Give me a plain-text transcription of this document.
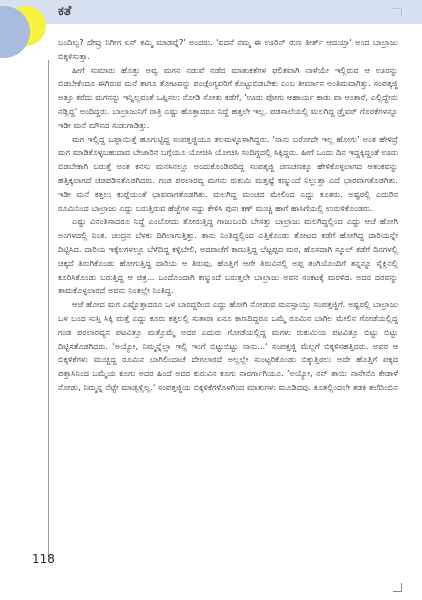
ಕತೆ

ಬಂದಿಲ್ವ? ದೇವ್ರು ನಿಗೀಗ ಏನ್ ಕಮ್ಮಿ ಮಾಡವ್ನೆ?' ಅಂದರು. 'ಐದನೆ ನಮ್ಮ ಈ ಊರಿನ್ ರುಣ ತೀರ್ತ್ ಆದಯ್ತಾ' ಅಂದ ಬಾಲ್ರಾಜು ಬಿಕ್ಕಳಿಸುತ್ತಾ.

ಹೀಗೆ ಸುಮಾರು ಹೊತ್ತು ಅವ್ವ ಮಗನ ನಡುವೆ ನಡೆದ ಮಾತುಕತೆಗಳ ಫಲಿತವಾಗಿ ನಾಳೆಯೇ ಇಲ್ಲಿರುವ ಆ ಊರನ್ನು ಬಿಡಬೇಕೆಂದೂ ಈಗಿರುವ ಮನೆ ತಾಗೂ ತೋಟವನ್ನು ಪಂಚ್ಗೆಂಗ್ಯವರಿಗೆ ಕೊಟ್ಟುಬಿಡಬೇಕು ಎಂಬ ತೀರ್ಮಾನ ಅಂತಿಮವಾಗಿತ್ತು. ಸಂಪತ್ಕಜ್ಜಿ ಅತ್ತೂ ಕರೆದು ಮಗನನ್ನು ಇನ್ನಿಲ್ಲವಂತೆ ಒಪ್ಪಿಸಲು ನೋಡಿ ಸೋತು ಕಡೆಗೆ, 'ಊರು ಪೋಗು ಆಹಾರ್ಯ ಕಾಡು ವಾ ಅಂತಾರೆ, ಎಲ್ಲಿದ್ದೇನು ನಡ್ಲಿದ್ದ' ಅಂದಿದ್ದರು. ಬಾಲ್ರಾಜುನಿಗೆ ರಾತ್ರಿ ಎಷ್ಟು ಹೊತ್ತಾದರೂ ನಿದ್ದೆ ಹತ್ತಲೇ ಇಲ್ಲ. ಪಡಸಾಲೆಯಲ್ಲಿ ಮಲಗಿದ್ದ ಡ್ರೈವರ್ ಗೊರಕೆಗಳನ್ನೂ ಇಡೀ ಮನೆ ಮೌನದ ಸುಡುಗಾಡಿತ್ತು.

ಮಗ ಇಲ್ಲಿದ್ದ ಒಪ್ಪಾಯಿತ್ತೆ ಹೂಗುಟ್ಟಿದ್ದ ಸಂಪತ್ತಜ್ಜಿಯೂ ತಲಮಳ್ಳೂಳಾಗಿದ್ದರು. 'ನಾನು ಬರೋದೇ ಇಲ್ಲ ಹೋಗು' ಅಂತ ಹೇಳಿದ್ರೆ ಮಗ ಮಾಡಿಕೊಳ್ಳಬಹುದಾದ ಬೇಜಾರಿನ ಬಗ್ಗೆಯೂ ಯೋಚಿಸಿ ಯೋಚಿಸಿ ಸಂದಿಗ್ಧದಲ್ಲಿ ಸಿಕ್ಕಿದ್ದರು. ಹೀಗೆ ಒಂದು ದಿನ ಇದ್ದಕ್ಕಿದ್ದಂತೆ ಊರು ಬಿಡಬೇಕಾಗಿ ಬರುತ್ತೆ ಅಂತ ಕನಸು ಮನಸಿನಲ್ಲೂ ಅಂದುಕೊಂಡಿರದಿದ್ದ ಸಂಪತ್ಕಜ್ಜಿ ಚಣಚಣಕ್ಕೂ ಹೇಳಿಕೊಳ್ಳಲಾಗದ ಆತಂಕವನ್ನು ಹತ್ತಿಕ್ಕಲಾಗದೆ ಚಡಪಡಿಸತೊಡಗಿದರು. ಗಂಡ ಪರಲಾರವ್ಯ ಮಗನು ರುಕುಮಿ ಮತ್ತಷ್ಟೆ ಕಣ್ಮುಂದೆ ನಿಲ್ಲುತ್ತಾ ಎದೆ ಭಾರವಾಗತೊಡಗಿತು. ಇಡೀ ಮನೆ ಕತ್ತಲು ಕುಪ್ಪೆಯಂತೆ ಭಾವವಾಗತೊಡಗಿತು. ಮಲಗಿದ್ದ ಮಂಚದ ಮೇಲಿಂದ ಎದ್ದು ಕೂತರು. ಅಷ್ಟರಲ್ಲಿ ಎದುರಿನ ರೂಮಿನಿಂದ ಬಾಲ್ರಾಜು ಎದ್ದು ಬರುತ್ತಿರುವ ಹೆಜ್ಜೆಗಳ ಸದ್ದು ಕೇಳಿಸಿ ಪುನಃ ಕಣ್ ಮುಚ್ಚಿ ಹಾಗೆ ಹಾಸಿಗೆಯಲ್ಲಿ ಉರುಳಿಕೊಂಡರು.

ಎಷ್ಟು ವಿನಂತಿಸಾದರೂ ನಿದ್ದೆ ಎಂಬೋದು ತೋರುತ್ತಿದ್ದ ಗಾಜುಬಂದಿ ಬೇಸತ್ತು ಬಾಲ್ರಾಜು ಮಲಗಿದ್ದಲ್ಲಿಂದ ಎದ್ದು ಆಚೆ ಹೋಗಿ ಅಂಗಳದಲ್ಲಿ ನಿಂತ. ಚಂದ್ರನ ಬೆಳಕು ದಿಗಿಲಾಗುತ್ತಿತ್ತು. ತಾನು ನಿಂತಿದ್ದಲ್ಲಿಂದ ಎತ್ತಿಕೊಂಡು ತೋಟದ ಕಡೆಗೆ ಹೋಗಿದ್ದ ದಾರಿಯನ್ನೇ ದಿಟ್ಟಿಸಿದ. ದಾರಿಯ ಇಕ್ಕೆಲಗಳಲ್ಲೂ ಬೆಳೆದಿದ್ದ ಕಳ್ಳಿಬೇಲಿ, ಅದರಾಚೆಗೆ ಕಾಣುತ್ತಿದ್ದ ಬೆಟ್ಟಪ್ಪದ ಮರ, ಹೊಸದಾಗಿ ಸ್ಕೂಲ್ ಕಡೆಗೆ ದಿನಗಳಲ್ಲಿ ಚಿಕ್ಕದೆ ತಿರುಗಿಕೊಂಡು ಹೋಗುತ್ತಿದ್ದ ದಾರಿಯ ಆ ತಿರುವು, ಹೊತ್ತಿಗೆ ಆಗೇ ತಿರುವಿನಲ್ಲಿ ಅಪ್ಪ ತಂಗಿಯೊಂದಿಗೆ ತನ್ನನ್ನೂ ಸೈಕ್ಲಿನಲ್ಲಿ ಕೂರಿಸಿಕೊಂಡು ಬರುತ್ತಿದ್ದ ಆ ಚಿತ್ರ... ಒಂದೊಂದಾಗಿ ಕಣ್ಮುಂದೆ ಬರುತ್ತಲೇ ಬಾಲ್ರಾಜು ಅವನ ಸಂಕಟಕ್ಕೆ ಮರಳಿದ. ಅದರ ದರವನ್ನು ತಾಮಕೊಳ್ಳಲಾರದೆ ಅವನು ನಿಂತಲ್ಲೇ ನಿಂತಿದ್ದ.

ಆಚೆ ಹೋದ ಮಗ ಎಷ್ಟೊತ್ತಾದರೂ ಒಳ ಬಾರದ್ದರಿಂದ ಎದ್ದು ಹೋಗಿ ನೋಡುವ ಮನಸ್ಸಾಯ್ತು ಸಂಪತ್ತಜ್ಜಿಗೆ. ಅಷ್ಟರಲ್ಲಿ ಬಾಲ್ರಾಜು ಒಳ ಬಂದ ಸುಸ್ತಿ ಸಿಕ್ಕಿ ಮತ್ತೆ ಎದ್ದು ಕೂರು ಕತ್ತಲಲ್ಲಿ ಸುತಾರಾ ಏನೂ ಕಾಣದಿದ್ದರೂ ಒಮ್ಮೆ ರೂಮಿನ ಬಾಗಿಲ ಮೇಲಿನ ಗೋಡೆಯಲ್ಲಿದ್ದ ಗಂಡ ಪರಲಾರವ್ಯನ ಪಟವಿತ್ತೂ ಮತ್ತೊಮ್ಮೆ ಅದರ ಎದುರು ಗೋಡೆಯಲ್ಲಿದ್ದ ಮಗಳು ರುಕುಮಿಯ ಪಟವಿತ್ತೂ ಬಿಟ್ಟು ಬಿಟ್ಟು ದಿಟ್ಟಿಸತೊಡಗಿದರು. 'ಅಯ್ಯೋ, ನಿಮ್ಮನ್ನೆಲ್ಲಾ ಇಲ್ಲಿ ಇಂಗೆ ಬಿಟ್ಟುಬಿಟ್ಟು ನಾನು...' ಸಂಪತ್ತಜ್ಜಿ ಮೆಲ್ಲಗೆ ಬಿಕ್ಕಳಿಸಹತ್ತಿದರು. ಅವರ ಆ ಬಿಕ್ಕಳಿಕೆಗಳು ಮುಚ್ಚಿದ್ದ ರೂಮಿನ ಬಾಗಿಲಿಂದಾಚೆ ದೇಗಲಾರದೆ ಅಲ್ಲಲ್ಲೇ ಸುಂಟ್ಟರಿಕೊಂಡು ಬಿಕ್ಕುತ್ತಿರಲು ಅದೇ ಹೊತ್ತಿಗೆ ಪಕ್ಕದ ಪತ್ತಾಸಿನಿಂದ ಒಮ್ಮೆಯ ಕೂಗು ಅದರ ಹಿಂದೆ ಅದರ ಕುರುವಿನ ಕೂಗು ನಾರರ್ಗಾಗಿಯೂ. 'ಅಯ್ಯೋ, ನನ್ ತಾಯಿ ನಾನೇನೊ ಕೇಡಾಳೆ ನೋಡು, ನಿಮ್ಮನ್ನ ನೆಟ್ಟೇ ಮಾಡ್ವಳ್ಲಿಲ್ಲ.' ಸಂಪತ್ತಜ್ಜಿಯ ಬಿಕ್ಕಳಿಕೆಗಳೊಳಗಿಂದ ಮಾತುಗಳು ಮೂಡಿದವು. ಕೂತಲ್ಲಿಂದಲೇ ತಡಕಿ ತಲೆದಿಂಬಿನ

118
